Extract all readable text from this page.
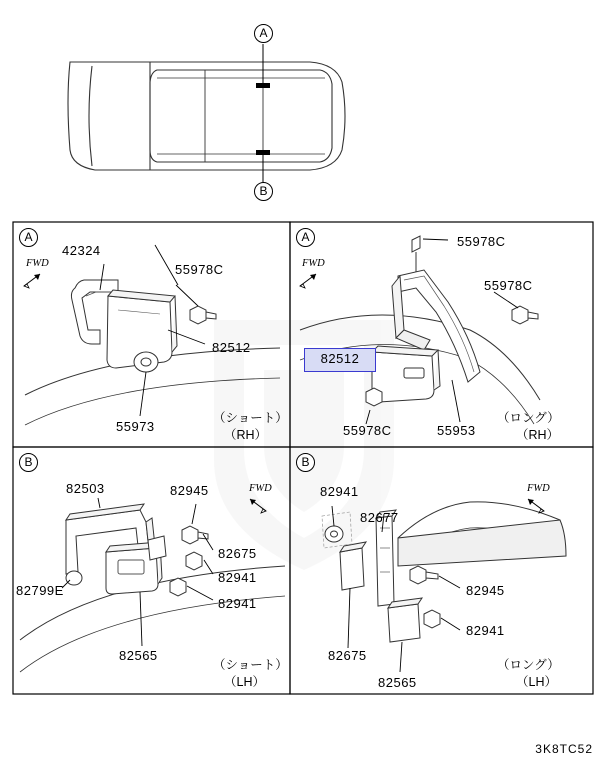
A
B
A	A
B	B
FWD	FWD
FWD	FWD
42324
55978C
82512
55973
（ショート）
（RH）
55978C
55978C
82512
55978C	55953
（ロング）
（RH）
82503	82945
82675
82941
82799E
82941
82565
（ショート）
（LH）
82941
82677
82945
82941
82675
82565
（ロング）
（LH）
3K8TC52
